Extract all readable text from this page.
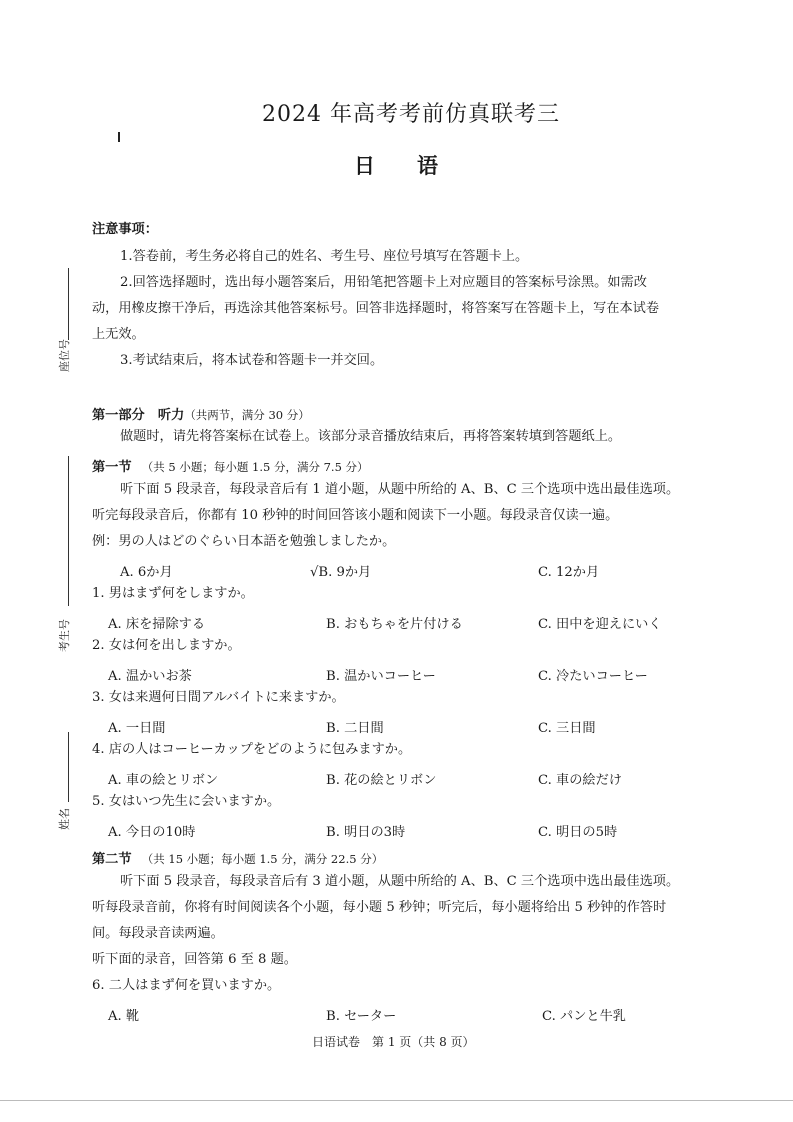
2024 年高考考前仿真联考三
日　　语
座位号
考生号
姓名
注意事项：
1.答卷前，考生务必将自己的姓名、考生号、座位号填写在答题卡上。
2.回答选择题时，选出每小题答案后，用铅笔把答题卡上对应题目的答案标号涂黑。如需改
动，用橡皮擦干净后，再选涂其他答案标号。回答非选择题时，将答案写在答题卡上，写在本试卷
上无效。
3.考试结束后，将本试卷和答题卡一并交回。
第一部分　听力（共两节，满分 30 分）
做题时，请先将答案标在试卷上。该部分录音播放结束后，再将答案转填到答题纸上。
第一节 （共 5 小题；每小题 1.5 分，满分 7.5 分）
听下面 5 段录音，每段录音后有 1 道小题，从题中所给的 A、B、C 三个选项中选出最佳选项。
听完每段录音后，你都有 10 秒钟的时间回答该小题和阅读下一小题。每段录音仅读一遍。
例：男の人はどのぐらい日本語を勉強しましたか。
A. 6か月	√B. 9か月	C. 12か月
1. 男はまず何をしますか。
A. 床を掃除する	B. おもちゃを片付ける	C. 田中を迎えにいく
2. 女は何を出しますか。
A. 温かいお茶	B. 温かいコーヒー	C. 冷たいコーヒー
3. 女は来週何日間アルバイトに来ますか。
A. 一日間	B. 二日間	C. 三日間
4. 店の人はコーヒーカップをどのように包みますか。
A. 車の絵とリボン	B. 花の絵とリボン	C. 車の絵だけ
5. 女はいつ先生に会いますか。
A. 今日の10時	B. 明日の3時	C. 明日の5時
第二节 （共 15 小题；每小题 1.5 分，满分 22.5 分）
听下面 5 段录音，每段录音后有 3 道小题，从题中所给的 A、B、C 三个选项中选出最佳选项。
听每段录音前，你将有时间阅读各个小题，每小题 5 秒钟；听完后，每小题将给出 5 秒钟的作答时
间。每段录音读两遍。
听下面的录音，回答第 6 至 8 题。
6. 二人はまず何を買いますか。
A. 靴	B. セーター	C. パンと牛乳
日语试卷　第 1 页（共 8 页）
